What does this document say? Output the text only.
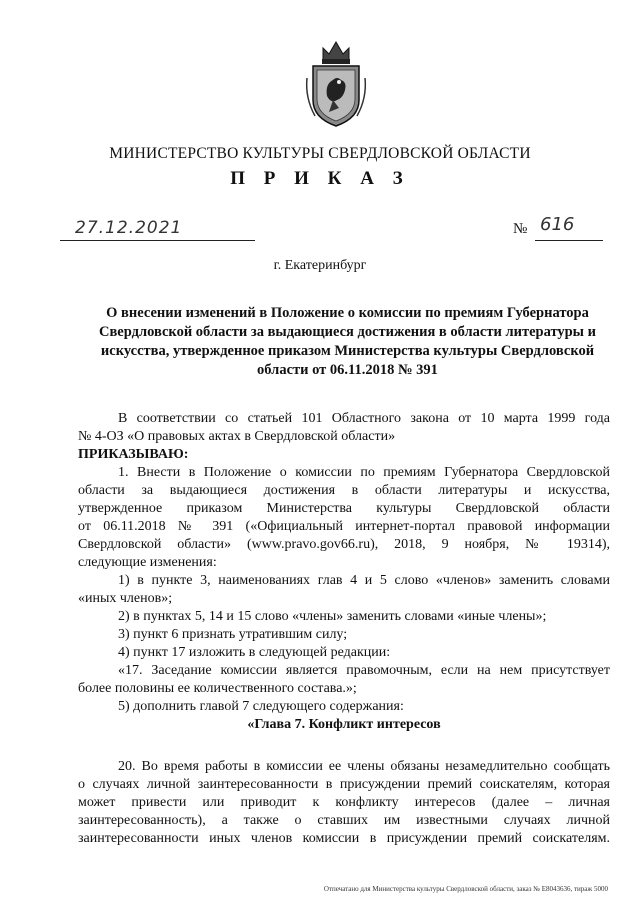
МИНИСТЕРСТВО КУЛЬТУРЫ СВЕРДЛОВСКОЙ ОБЛАСТИ
П Р И К А З
27.12.2021	№ 616
г. Екатеринбург
О внесении изменений в Положение о комиссии по премиям Губернатора Свердловской области за выдающиеся достижения в области литературы и искусства, утвержденное приказом Министерства культуры Свердловской области от 06.11.2018 № 391
В соответствии со статьей 101 Областного закона от 10 марта 1999 года
№ 4-ОЗ «О правовых актах в Свердловской области»
ПРИКАЗЫВАЮ:
1. Внести в Положение о комиссии по премиям Губернатора Свердловской
области за выдающиеся достижения в области литературы и искусства,
утвержденное приказом Министерства культуры Свердловской области
от 06.11.2018 № 391 («Официальный интернет-портал правовой информации
Свердловской области» (www.pravo.gov66.ru), 2018, 9 ноября, № 19314),
следующие изменения:
1) в пункте 3, наименованиях глав 4 и 5 слово «членов» заменить словами
«иных членов»;
2) в пунктах 5, 14 и 15 слово «члены» заменить словами «иные члены»;
3) пункт 6 признать утратившим силу;
4) пункт 17 изложить в следующей редакции:
«17. Заседание комиссии является правомочным, если на нем присутствует
более половины ее количественного состава.»;
5) дополнить главой 7 следующего содержания:
«Глава 7. Конфликт интересов
20. Во время работы в комиссии ее члены обязаны незамедлительно сообщать
о случаях личной заинтересованности в присуждении премий соискателям, которая
может привести или приводит к конфликту интересов (далее – личная
заинтересованность), а также о ставших им известными случаях личной
заинтересованности иных членов комиссии в присуждении премий соискателям.
Отпечатано для Министерства культуры Свердловской области, заказ № Е8043636, тираж 5000
